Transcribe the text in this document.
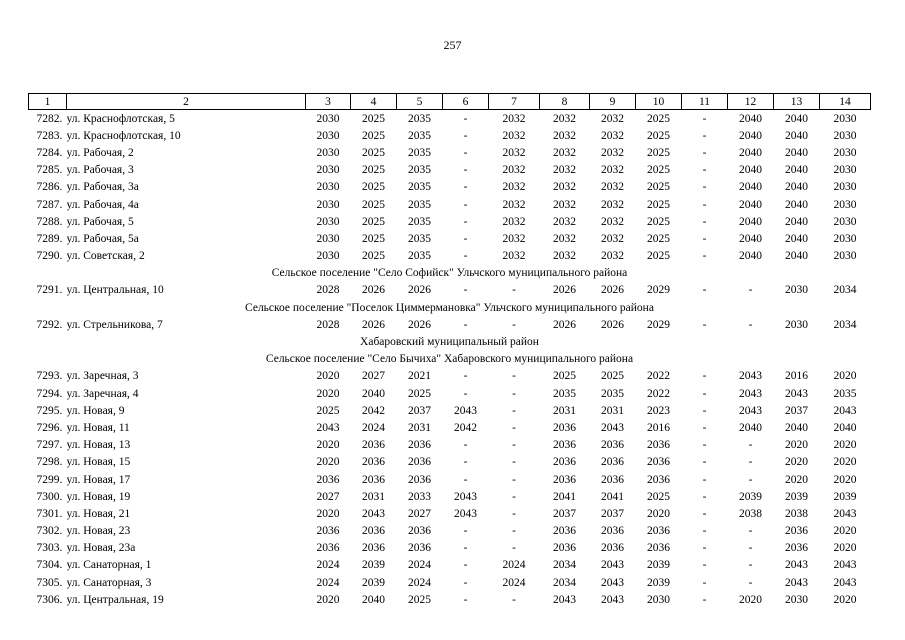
257
1	2	3	4	5	6	7	8	9	10	11	12	13	14
7282.	ул. Краснофлотская, 5	2030	2025	2035	-	2032	2032	2032	2025	-	2040	2040	2030
7283.	ул. Краснофлотская, 10	2030	2025	2035	-	2032	2032	2032	2025	-	2040	2040	2030
7284.	ул. Рабочая, 2	2030	2025	2035	-	2032	2032	2032	2025	-	2040	2040	2030
7285.	ул. Рабочая, 3	2030	2025	2035	-	2032	2032	2032	2025	-	2040	2040	2030
7286.	ул. Рабочая, 3а	2030	2025	2035	-	2032	2032	2032	2025	-	2040	2040	2030
7287.	ул. Рабочая, 4а	2030	2025	2035	-	2032	2032	2032	2025	-	2040	2040	2030
7288.	ул. Рабочая, 5	2030	2025	2035	-	2032	2032	2032	2025	-	2040	2040	2030
7289.	ул. Рабочая, 5а	2030	2025	2035	-	2032	2032	2032	2025	-	2040	2040	2030
7290.	ул. Советская, 2	2030	2025	2035	-	2032	2032	2032	2025	-	2040	2040	2030
Сельское поселение "Село Софийск" Ульчского муниципального района													
7291.	ул. Центральная, 10	2028	2026	2026	-	-	2026	2026	2029	-	-	2030	2034
Сельское поселение "Поселок Циммермановка" Ульчского муниципального района													
7292.	ул. Стрельникова, 7	2028	2026	2026	-	-	2026	2026	2029	-	-	2030	2034
Хабаровский муниципальный район													
Сельское поселение "Село Бычиха" Хабаровского муниципального района													
7293.	ул. Заречная, 3	2020	2027	2021	-	-	2025	2025	2022	-	2043	2016	2020
7294.	ул. Заречная, 4	2020	2040	2025	-	-	2035	2035	2022	-	2043	2043	2035
7295.	ул. Новая, 9	2025	2042	2037	2043	-	2031	2031	2023	-	2043	2037	2043
7296.	ул. Новая, 11	2043	2024	2031	2042	-	2036	2043	2016	-	2040	2040	2040
7297.	ул. Новая, 13	2020	2036	2036	-	-	2036	2036	2036	-	-	2020	2020
7298.	ул. Новая, 15	2020	2036	2036	-	-	2036	2036	2036	-	-	2020	2020
7299.	ул. Новая, 17	2036	2036	2036	-	-	2036	2036	2036	-	-	2020	2020
7300.	ул. Новая, 19	2027	2031	2033	2043	-	2041	2041	2025	-	2039	2039	2039
7301.	ул. Новая, 21	2020	2043	2027	2043	-	2037	2037	2020	-	2038	2038	2043
7302.	ул. Новая, 23	2036	2036	2036	-	-	2036	2036	2036	-	-	2036	2020
7303.	ул. Новая, 23а	2036	2036	2036	-	-	2036	2036	2036	-	-	2036	2020
7304.	ул. Санаторная, 1	2024	2039	2024	-	2024	2034	2043	2039	-	-	2043	2043
7305.	ул. Санаторная, 3	2024	2039	2024	-	2024	2034	2043	2039	-	-	2043	2043
7306.	ул. Центральная, 19	2020	2040	2025	-	-	2043	2043	2030	-	2020	2030	2020
